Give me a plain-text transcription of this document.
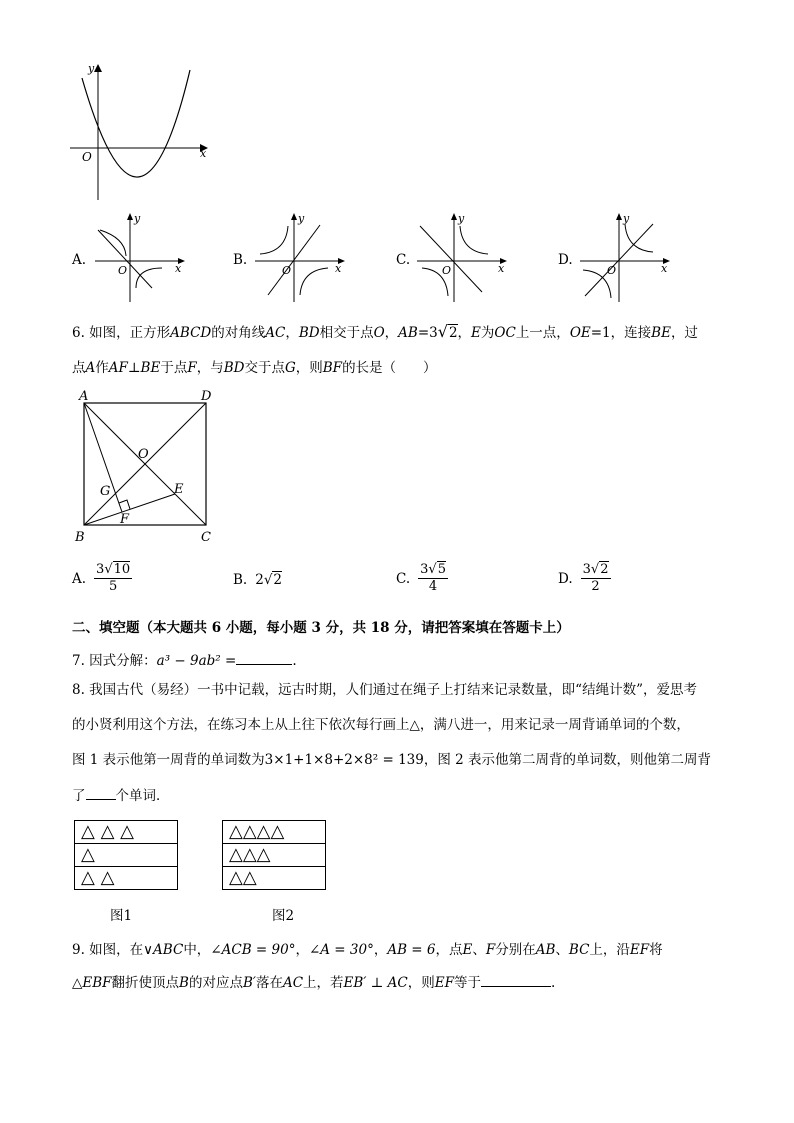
y
x
O
A.
y
x
O
B.
y
x
O
C.
y
x
O
D.
y
x
O
6. 如图，正方形ABCD的对角线AC，BD相交于点O，AB=3√2，E为OC上一点，OE=1，连接BE，过
点A作AF⊥BE于点F，与BD交于点G，则BF的长是（　　）
A	D
B	C
O
E
G
F
A. $\frac{3√10}{5}$	B. 2√2	C. $\frac{3√5}{4}$	D. $\frac{3√2}{2}$
二、填空题（本大题共 6 小题，每小题 3 分，共 18 分，请把答案填在答题卡上）
7. 因式分解：a³ − 9ab² =	.
8. 我国古代（易经）一书中记载，远古时期，人们通过在绳子上打结来记录数量，即“结绳计数”，爱思考
的小贤利用这个方法，在练习本上从上往下依次每行画上△，满八进一，用来记录一周背诵单词的个数，
图 1 表示他第一周背的单词数为3×1+1×8+2×8² = 139，图 2 表示他第二周背的单词数，则他第二周背
了 个单词．
△ △ △
△
△ △
图1
△△△△
△△△
△△
图2
9. 如图，在∨ABC中，∠ACB = 90°，∠A = 30°，AB = 6，点E、F分别在AB、BC上，沿EF将
△EBF翻折使顶点B的对应点B′落在AC上，若EB′ ⊥ AC，则EF等于	.
